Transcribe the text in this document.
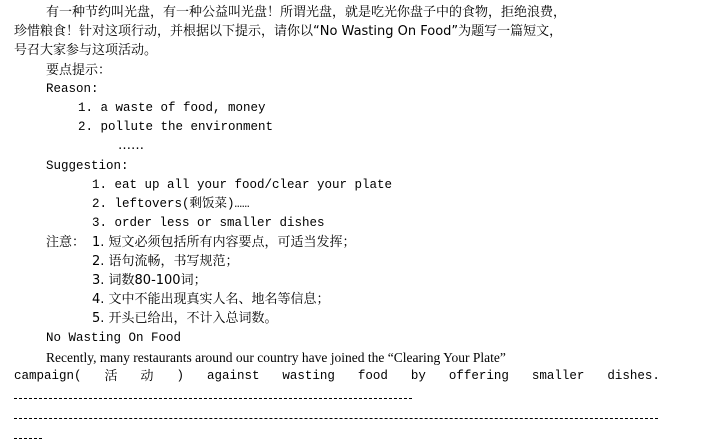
有一种节约叫光盘，有一种公益叫光盘！所谓光盘，就是吃光你盘子中的食物，拒绝浪费，
珍惜粮食！针对这项行动，并根据以下提示，请你以“No Wasting On Food”为题写一篇短文，
号召大家参与这项活动。
要点提示：
Reason:
1. a waste of food, money
2. pollute the environment
……
Suggestion:
1. eat up all your food/clear your plate
2. leftovers(剩饭菜)……
3. order less or smaller dishes
注意： 1. 短文必须包括所有内容要点，可适当发挥；
2. 语句流畅，书写规范；
3. 词数80-100词；
4. 文中不能出现真实人名、地名等信息；
5. 开头已给出，不计入总词数。
No Wasting On Food
Recently, many restaurants around our country have joined the “Clearing Your Plate”
campaign( 活 动 ) against wasting food by offering smaller dishes.
